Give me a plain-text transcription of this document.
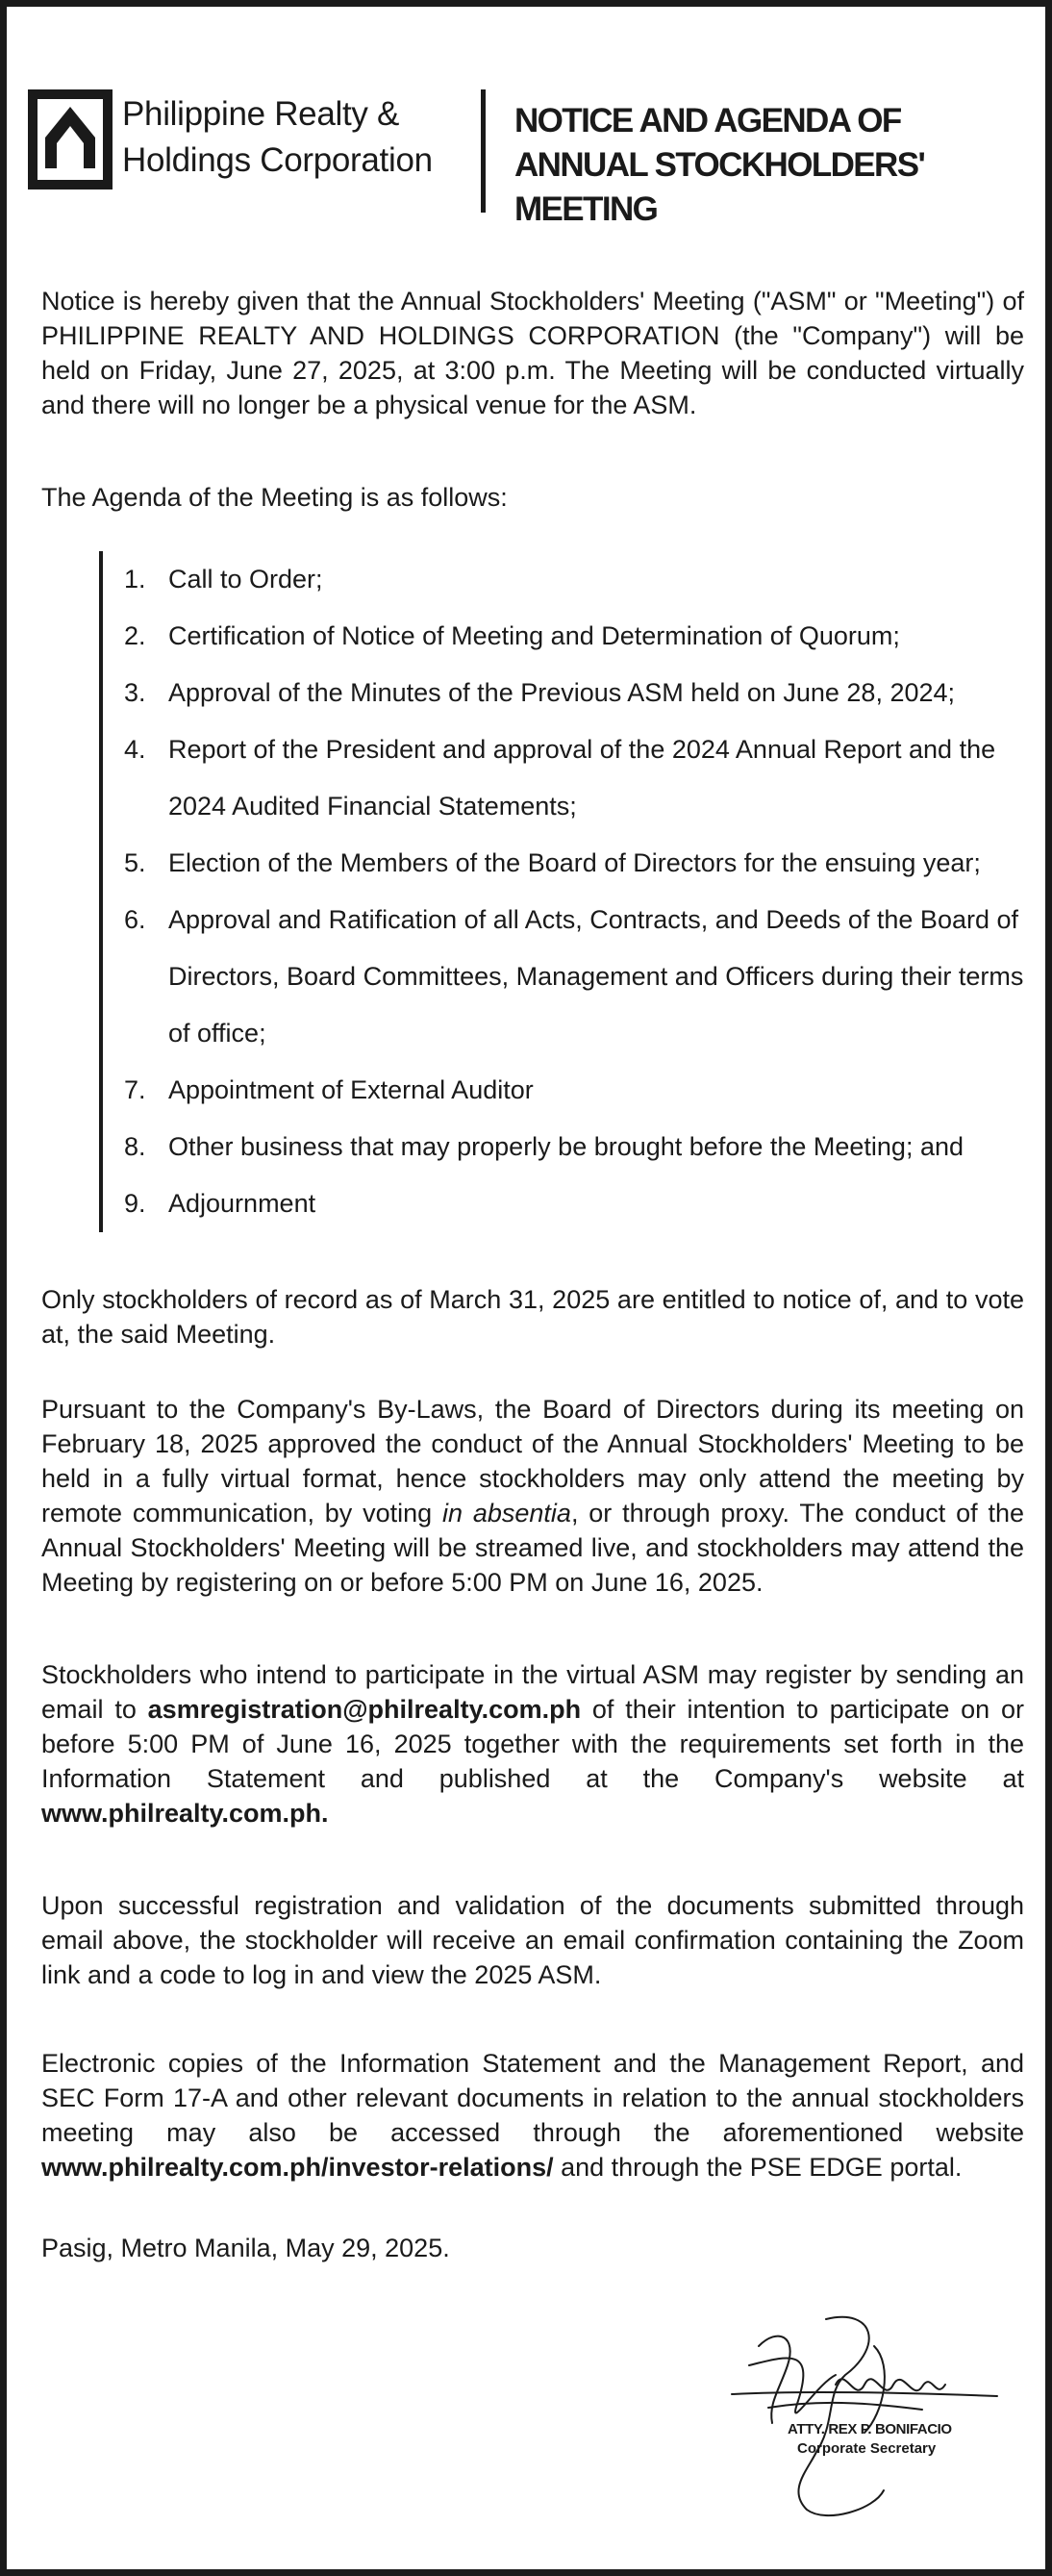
Philippine Realty &
Holdings Corporation
NOTICE AND AGENDA OF
ANNUAL STOCKHOLDERS' MEETING

Notice is hereby given that the Annual Stockholders' Meeting ("ASM" or "Meeting") of PHILIPPINE REALTY AND HOLDINGS CORPORATION (the "Company") will be held on Friday, June 27, 2025, at 3:00 p.m. The Meeting will be conducted virtually and there will no longer be a physical venue for the ASM.

The Agenda of the Meeting is as follows:

1. Call to Order;
2. Certification of Notice of Meeting and Determination of Quorum;
3. Approval of the Minutes of the Previous ASM held on June 28, 2024;
4. Report of the President and approval of the 2024 Annual Report and the 2024 Audited Financial Statements;
5. Election of the Members of the Board of Directors for the ensuing year;
6. Approval and Ratification of all Acts, Contracts, and Deeds of the Board of Directors, Board Committees, Management and Officers during their terms of office;
7. Appointment of External Auditor
8. Other business that may properly be brought before the Meeting; and
9. Adjournment

Only stockholders of record as of March 31, 2025 are entitled to notice of, and to vote at, the said Meeting.

Pursuant to the Company's By-Laws, the Board of Directors during its meeting on February 18, 2025 approved the conduct of the Annual Stockholders' Meeting to be held in a fully virtual format, hence stockholders may only attend the meeting by remote communication, by voting in absentia, or through proxy. The conduct of the Annual Stockholders' Meeting will be streamed live, and stockholders may attend the Meeting by registering on or before 5:00 PM on June 16, 2025.

Stockholders who intend to participate in the virtual ASM may register by sending an email to asmregistration@philrealty.com.ph of their intention to participate on or before 5:00 PM of June 16, 2025 together with the requirements set forth in the Information Statement and published at the Company's website at www.philrealty.com.ph.

Upon successful registration and validation of the documents submitted through email above, the stockholder will receive an email confirmation containing the Zoom link and a code to log in and view the 2025 ASM.

Electronic copies of the Information Statement and the Management Report, and SEC Form 17-A and other relevant documents in relation to the annual stockholders meeting may also be accessed through the aforementioned website www.philrealty.com.ph/investor-relations/ and through the PSE EDGE portal.

Pasig, Metro Manila, May 29, 2025.

ATTY. REX P. BONIFACIO
Corporate Secretary
